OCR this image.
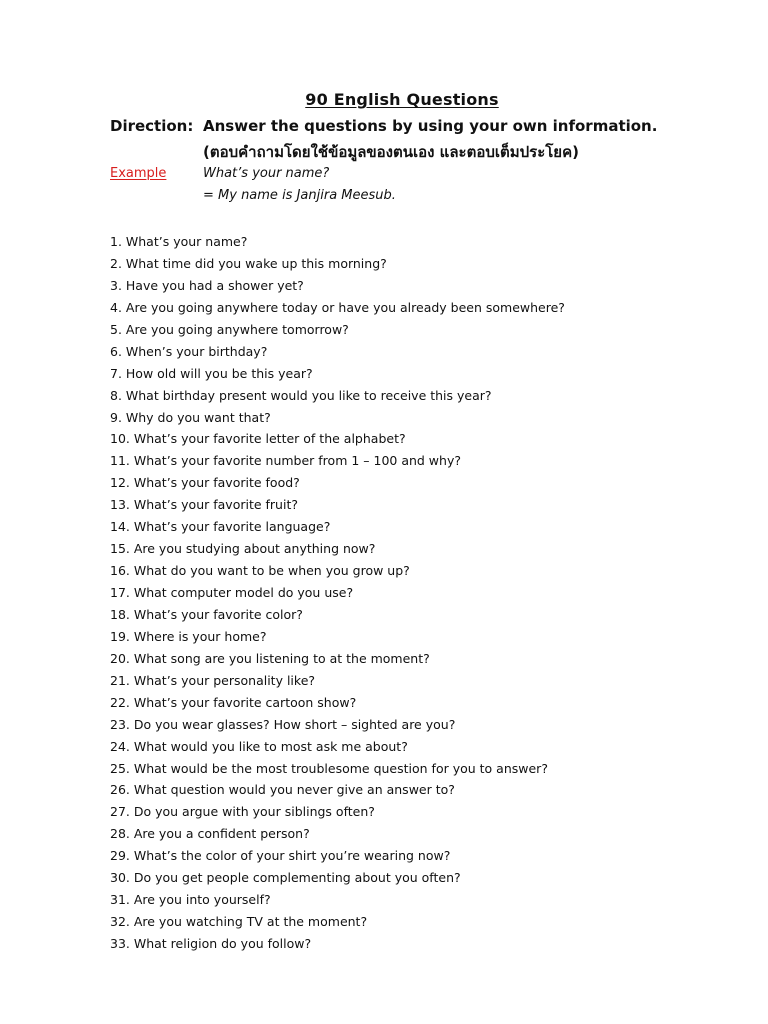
90 English Questions
Direction: Answer the questions by using your own information.
(ตอบคำถามโดยใช้ข้อมูลของตนเอง และตอบเต็มประโยค)
Example	What’s your name?
= My name is Janjira Meesub.
1. What’s your name?
2. What time did you wake up this morning?
3. Have you had a shower yet?
4. Are you going anywhere today or have you already been somewhere?
5. Are you going anywhere tomorrow?
6. When’s your birthday?
7. How old will you be this year?
8. What birthday present would you like to receive this year?
9. Why do you want that?
10. What’s your favorite letter of the alphabet?
11. What’s your favorite number from 1 – 100 and why?
12. What’s your favorite food?
13. What’s your favorite fruit?
14. What’s your favorite language?
15. Are you studying about anything now?
16. What do you want to be when you grow up?
17. What computer model do you use?
18. What’s your favorite color?
19. Where is your home?
20. What song are you listening to at the moment?
21. What’s your personality like?
22. What’s your favorite cartoon show?
23. Do you wear glasses? How short – sighted are you?
24. What would you like to most ask me about?
25. What would be the most troublesome question for you to answer?
26. What question would you never give an answer to?
27. Do you argue with your siblings often?
28. Are you a confident person?
29. What’s the color of your shirt you’re wearing now?
30. Do you get people complementing about you often?
31. Are you into yourself?
32. Are you watching TV at the moment?
33. What religion do you follow?
